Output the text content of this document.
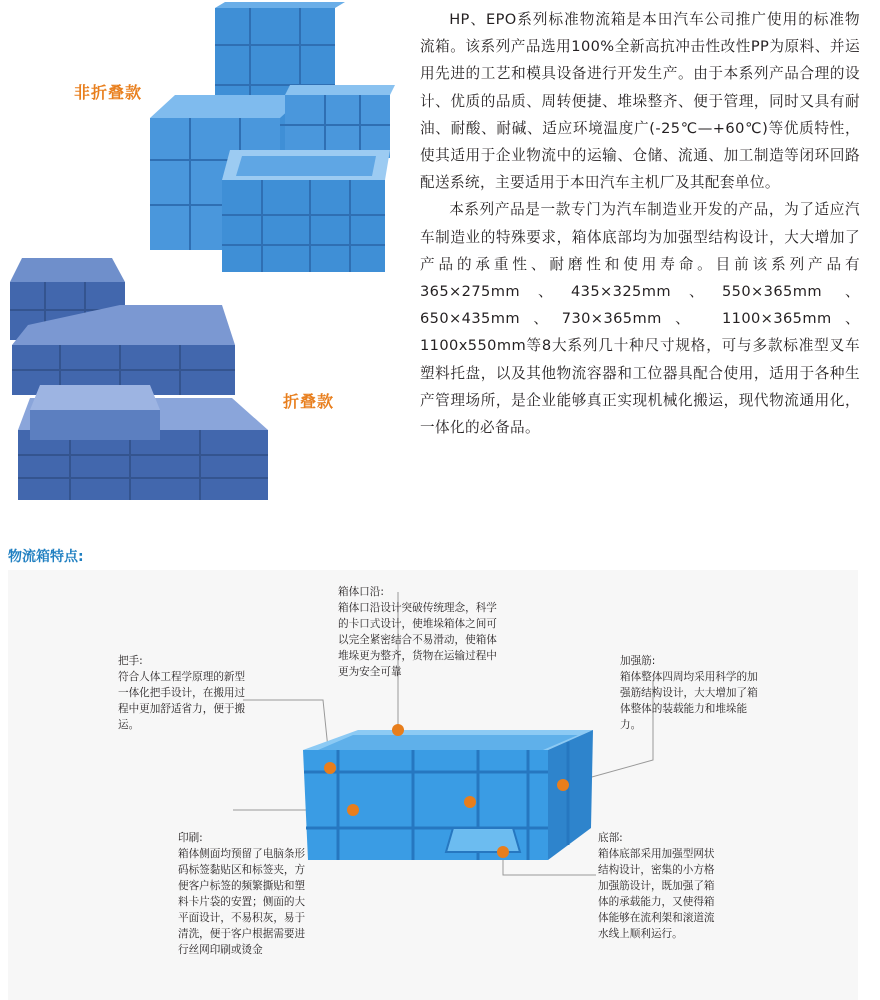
非折叠款
折叠款

HP、EPO系列标准物流箱是本田汽车公司推广使用的标准物流箱。该系列产品选用100%全新高抗冲击性改性PP为原料、并运用先进的工艺和模具设备进行开发生产。由于本系列产品合理的设计、优质的品质、周转便捷、堆垛整齐、便于管理，同时又具有耐油、耐酸、耐碱、适应环境温度广(-25℃—+60℃)等优质特性，使其适用于企业物流中的运输、仓储、流通、加工制造等闭环回路配送系统，主要适用于本田汽车主机厂及其配套单位。

本系列产品是一款专门为汽车制造业开发的产品，为了适应汽车制造业的特殊要求，箱体底部均为加强型结构设计，大大增加了产品的承重性、耐磨性和使用寿命。目前该系列产品有365×275mm、435×325mm、550×365mm 、650×435mm、730×365mm、 1100×365mm、1100x550mm等8大系列几十种尺寸规格，可与多款标准型叉车塑料托盘，以及其他物流容器和工位器具配合使用，适用于各种生产管理场所，是企业能够真正实现机械化搬运，现代物流通用化，一体化的必备品。

物流箱特点:
箱体口沿:
箱体口沿设计突破传统理念，科学的卡口式设计，使堆垛箱体之间可以完全紧密结合不易滑动，使箱体堆垛更为整齐，货物在运输过程中更为安全可靠
把手:
符合人体工程学原理的新型一体化把手设计，在搬用过程中更加舒适省力，便于搬运。
加强筋:
箱体整体四周均采用科学的加强筋结构设计，大大增加了箱体整体的装载能力和堆垛能力。
印刷:
箱体侧面均预留了电脑条形码标签黏贴区和标签夹，方便客户标签的频繁撕贴和塑料卡片袋的安置；侧面的大平面设计，不易积灰，易于清洗，便于客户根据需要进行丝网印刷或烫金
底部:
箱体底部采用加强型网状结构设计，密集的小方格加强筋设计，既加强了箱体的承载能力，又使得箱体能够在流利架和滚道流水线上顺利运行。
